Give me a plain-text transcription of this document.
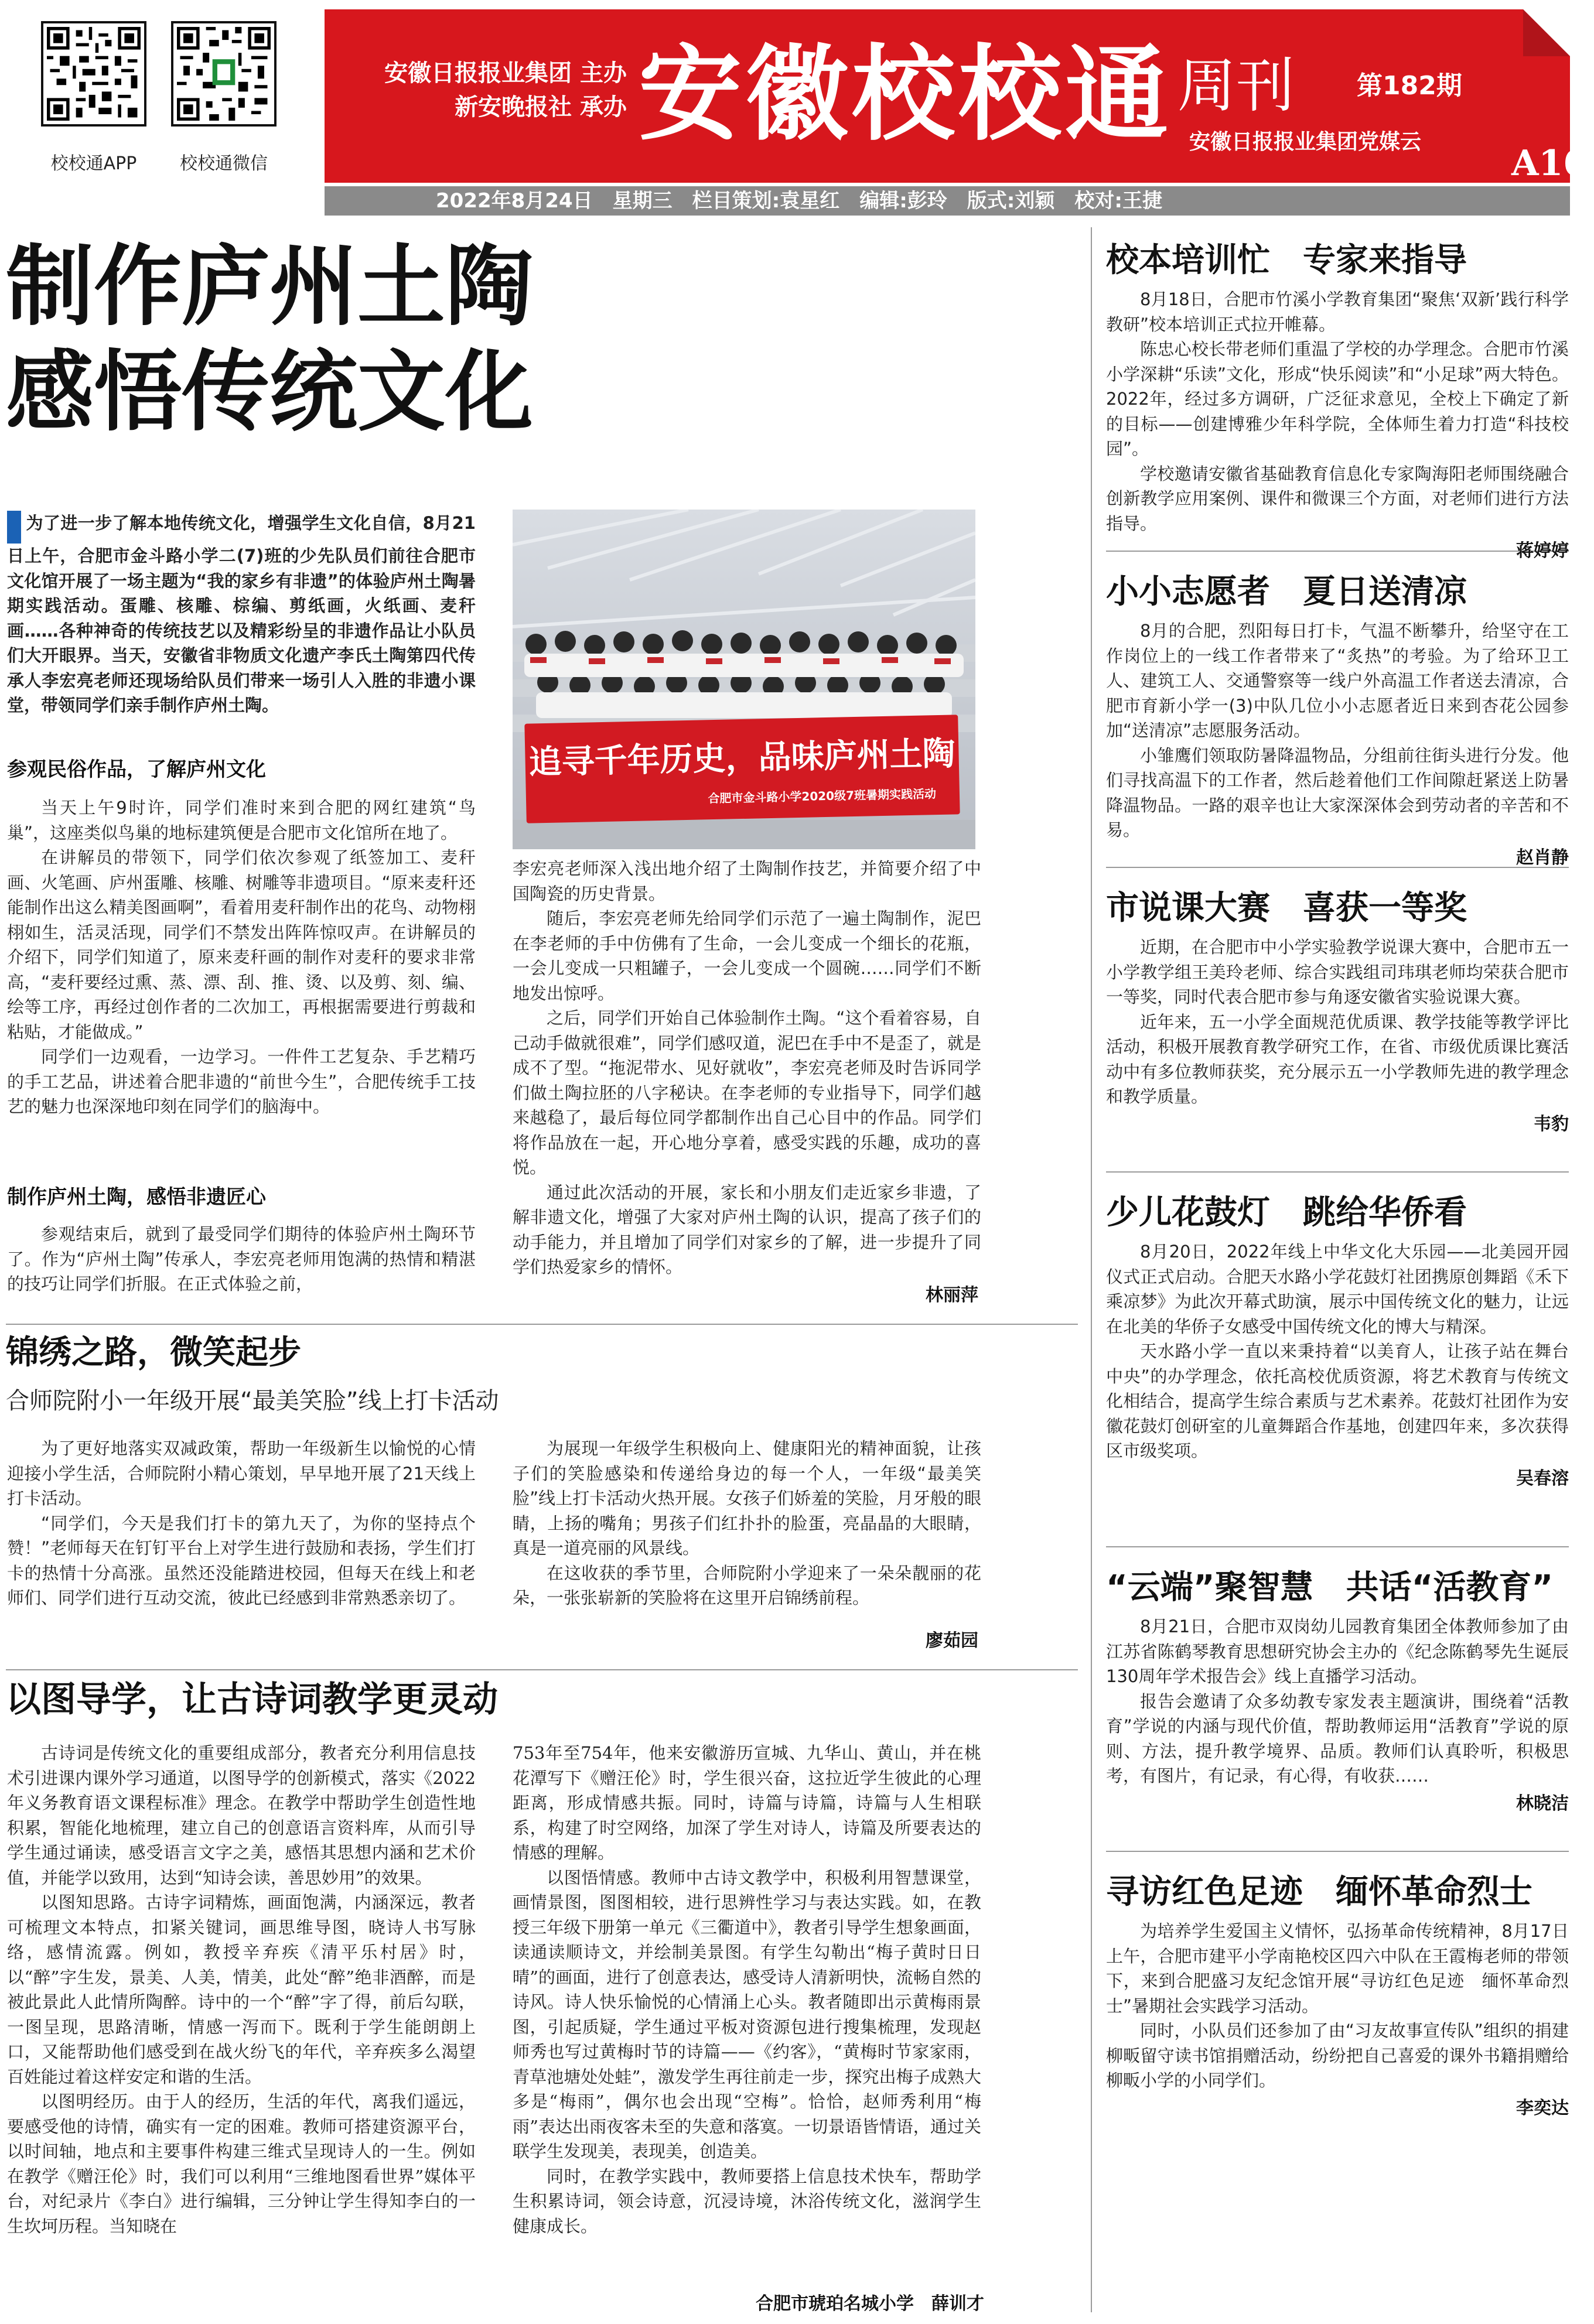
校校通APP	校校通微信
安徽日报报业集团 主办
新安晚报社 承办 安徽校校通 周刊 第182期
安徽日报报业集团党媒云
A16
2022年8月24日　星期三　栏目策划:袁星红　编辑:彭玲　版式:刘颖　校对:王捷
制作庐州土陶
感悟传统文化
为了进一步了解本地传统文化，增强学生文化自信，8月21日上午，合肥市金斗路小学二(7)班的少先队员们前往合肥市文化馆开展了一场主题为“我的家乡有非遗”的体验庐州土陶暑期实践活动。蛋雕、核雕、棕编、剪纸画，火纸画、麦秆画……各种神奇的传统技艺以及精彩纷呈的非遗作品让小队员们大开眼界。当天，安徽省非物质文化遗产李氏土陶第四代传承人李宏亮老师还现场给队员们带来一场引人入胜的非遗小课堂，带领同学们亲手制作庐州土陶。
参观民俗作品，了解庐州文化

当天上午9时许，同学们准时来到合肥的网红建筑“鸟巢”，这座类似鸟巢的地标建筑便是合肥市文化馆所在地了。

在讲解员的带领下，同学们依次参观了纸签加工、麦秆画、火笔画、庐州蛋雕、核雕、树雕等非遗项目。“原来麦秆还能制作出这么精美图画啊”，看着用麦秆制作出的花鸟、动物栩栩如生，活灵活现，同学们不禁发出阵阵惊叹声。在讲解员的介绍下，同学们知道了，原来麦秆画的制作对麦秆的要求非常高，“麦秆要经过熏、蒸、漂、刮、推、烫、以及剪、刻、编、绘等工序，再经过创作者的二次加工，再根据需要进行剪裁和粘贴，才能做成。”

同学们一边观看，一边学习。一件件工艺复杂、手艺精巧的手工艺品，讲述着合肥非遗的“前世今生”，合肥传统手工技艺的魅力也深深地印刻在同学们的脑海中。

制作庐州土陶，感悟非遗匠心

参观结束后，就到了最受同学们期待的体验庐州土陶环节了。作为“庐州土陶”传承人，李宏亮老师用饱满的热情和精湛的技巧让同学们折服。在正式体验之前，

追寻千年历史，品味庐州土陶
合肥市金斗路小学2020级7班暑期实践活动

李宏亮老师深入浅出地介绍了土陶制作技艺，并简要介绍了中国陶瓷的历史背景。

随后，李宏亮老师先给同学们示范了一遍土陶制作，泥巴在李老师的手中仿佛有了生命，一会儿变成一个细长的花瓶，一会儿变成一只粗罐子，一会儿变成一个圆碗……同学们不断地发出惊呼。

之后，同学们开始自己体验制作土陶。“这个看着容易，自己动手做就很难”，同学们感叹道，泥巴在手中不是歪了，就是成不了型。“拖泥带水、见好就收”，李宏亮老师及时告诉同学们做土陶拉胚的八字秘诀。在李老师的专业指导下，同学们越来越稳了，最后每位同学都制作出自己心目中的作品。同学们将作品放在一起，开心地分享着，感受实践的乐趣，成功的喜悦。

通过此次活动的开展，家长和小朋友们走近家乡非遗，了解非遗文化，增强了大家对庐州土陶的认识，提高了孩子们的动手能力，并且增加了同学们对家乡的了解，进一步提升了同学们热爱家乡的情怀。

林丽萍
锦绣之路，微笑起步
合师院附小一年级开展“最美笑脸”线上打卡活动

为了更好地落实双减政策，帮助一年级新生以愉悦的心情迎接小学生活，合师院附小精心策划，早早地开展了21天线上打卡活动。

“同学们，今天是我们打卡的第九天了，为你的坚持点个赞！”老师每天在钉钉平台上对学生进行鼓励和表扬，学生们打卡的热情十分高涨。虽然还没能踏进校园，但每天在线上和老师们、同学们进行互动交流，彼此已经感到非常熟悉亲切了。

为展现一年级学生积极向上、健康阳光的精神面貌，让孩子们的笑脸感染和传递给身边的每一个人，一年级“最美笑脸”线上打卡活动火热开展。女孩子们娇羞的笑脸，月牙般的眼睛，上扬的嘴角；男孩子们红扑扑的脸蛋，亮晶晶的大眼睛，真是一道亮丽的风景线。

在这收获的季节里，合师院附小学迎来了一朵朵靓丽的花朵，一张张崭新的笑脸将在这里开启锦绣前程。

廖茹园
以图导学，让古诗词教学更灵动

古诗词是传统文化的重要组成部分，教者充分利用信息技术引进课内课外学习通道，以图导学的创新模式，落实《2022年义务教育语文课程标准》理念。在教学中帮助学生创造性地积累，智能化地梳理，建立自己的创意语言资料库，从而引导学生通过诵读，感受语言文字之美，感悟其思想内涵和艺术价值，并能学以致用，达到“知诗会读，善思妙用”的效果。

以图知思路。古诗字词精炼，画面饱满，内涵深远，教者可梳理文本特点，扣紧关键词，画思维导图，晓诗人书写脉络，感情流露。例如，教授辛弃疾《清平乐村居》时，以“醉”字生发，景美、人美，情美，此处“醉”绝非酒醉，而是被此景此人此情所陶醉。诗中的一个“醉”字了得，前后勾联，一图呈现，思路清晰，情感一泻而下。既利于学生能朗朗上口，又能帮助他们感受到在战火纷飞的年代，辛弃疾多么渴望百姓能过着这样安定和谐的生活。

以图明经历。由于人的经历，生活的年代，离我们遥远，要感受他的诗情，确实有一定的困难。教师可搭建资源平台，以时间轴，地点和主要事件构建三维式呈现诗人的一生。例如在教学《赠汪伦》时，我们可以利用“三维地图看世界”媒体平台，对纪录片《李白》进行编辑，三分钟让学生得知李白的一生坎坷历程。当知晓在

753年至754年，他来安徽游历宣城、九华山、黄山，并在桃花潭写下《赠汪伦》时，学生很兴奋，这拉近学生彼此的心理距离，形成情感共振。同时，诗篇与诗篇，诗篇与人生相联系，构建了时空网络，加深了学生对诗人，诗篇及所要表达的情感的理解。

以图悟情感。教师中古诗文教学中，积极利用智慧课堂，画情景图，图图相较，进行思辨性学习与表达实践。如，在教授三年级下册第一单元《三衢道中》，教者引导学生想象画面，读通读顺诗文，并绘制美景图。有学生勾勒出“梅子黄时日日晴”的画面，进行了创意表达，感受诗人清新明快，流畅自然的诗风。诗人快乐愉悦的心情涌上心头。教者随即出示黄梅雨景图，引起质疑，学生通过平板对资源包进行搜集梳理，发现赵师秀也写过黄梅时节的诗篇——《约客》，“黄梅时节家家雨，青草池塘处处蛙”，激发学生再往前走一步，探究出梅子成熟大多是“梅雨”，偶尔也会出现“空梅”。恰恰，赵师秀利用“梅雨”表达出雨夜客未至的失意和落寞。一切景语皆情语，通过关联学生发现美，表现美，创造美。

同时，在教学实践中，教师要搭上信息技术快车，帮助学生积累诗词，领会诗意，沉浸诗境，沐浴传统文化，滋润学生健康成长。

合肥市琥珀名城小学　薛训才
校本培训忙　专家来指导

8月18日，合肥市竹溪小学教育集团“聚焦‘双新’践行科学教研”校本培训正式拉开帷幕。

陈忠心校长带老师们重温了学校的办学理念。合肥市竹溪小学深耕“乐读”文化，形成“快乐阅读”和“小足球”两大特色。2022年，经过多方调研，广泛征求意见，全校上下确定了新的目标——创建博雅少年科学院，全体师生着力打造“科技校园”。

学校邀请安徽省基础教育信息化专家陶海阳老师围绕融合创新教学应用案例、课件和微课三个方面，对老师们进行方法指导。

蒋婷婷
小小志愿者　夏日送清凉

8月的合肥，烈阳每日打卡，气温不断攀升，给坚守在工作岗位上的一线工作者带来了“炙热”的考验。为了给环卫工人、建筑工人、交通警察等一线户外高温工作者送去清凉，合肥市育新小学一(3)中队几位小小志愿者近日来到杏花公园参加“送清凉”志愿服务活动。

小雏鹰们领取防暑降温物品，分组前往街头进行分发。他们寻找高温下的工作者，然后趁着他们工作间隙赶紧送上防暑降温物品。一路的艰辛也让大家深深体会到劳动者的辛苦和不易。

赵肖静
市说课大赛　喜获一等奖

近期，在合肥市中小学实验教学说课大赛中，合肥市五一小学教学组王美玲老师、综合实践组司玮琪老师均荣获合肥市一等奖，同时代表合肥市参与角逐安徽省实验说课大赛。

近年来，五一小学全面规范优质课、教学技能等教学评比活动，积极开展教育教学研究工作，在省、市级优质课比赛活动中有多位教师获奖，充分展示五一小学教师先进的教学理念和教学质量。

韦豹
少儿花鼓灯　跳给华侨看

8月20日，2022年线上中华文化大乐园——北美园开园仪式正式启动。合肥天水路小学花鼓灯社团携原创舞蹈《禾下乘凉梦》为此次开幕式助演，展示中国传统文化的魅力，让远在北美的华侨子女感受中国传统文化的博大与精深。

天水路小学一直以来秉持着“以美育人，让孩子站在舞台中央”的办学理念，依托高校优质资源，将艺术教育与传统文化相结合，提高学生综合素质与艺术素养。花鼓灯社团作为安徽花鼓灯创研室的儿童舞蹈合作基地，创建四年来，多次获得区市级奖项。

吴春溶
“云端”聚智慧　共话“活教育”

8月21日，合肥市双岗幼儿园教育集团全体教师参加了由江苏省陈鹤琴教育思想研究协会主办的《纪念陈鹤琴先生诞辰130周年学术报告会》线上直播学习活动。

报告会邀请了众多幼教专家发表主题演讲，围绕着“活教育”学说的内涵与现代价值，帮助教师运用“活教育”学说的原则、方法，提升教学境界、品质。教师们认真聆听，积极思考，有图片，有记录，有心得，有收获……

林晓洁
寻访红色足迹　缅怀革命烈士

为培养学生爱国主义情怀，弘扬革命传统精神，8月17日上午，合肥市建平小学南艳校区四六中队在王霞梅老师的带领下，来到合肥盛习友纪念馆开展“寻访红色足迹　缅怀革命烈士”暑期社会实践学习活动。

同时，小队员们还参加了由“习友故事宣传队”组织的捐建柳畈留守读书馆捐赠活动，纷纷把自己喜爱的课外书籍捐赠给柳畈小学的小同学们。

李奕达
